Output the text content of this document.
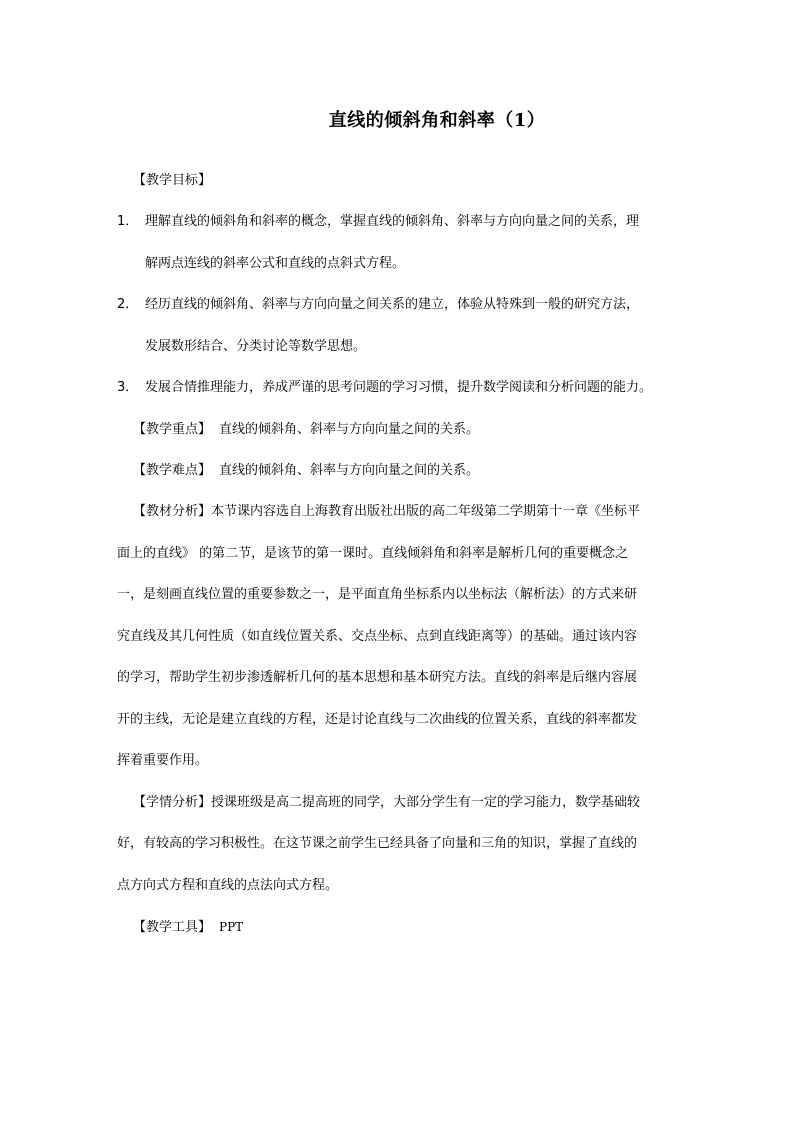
直线的倾斜角和斜率（1）
【教学目标】
1． 理解直线的倾斜角和斜率的概念，掌握直线的倾斜角、斜率与方向向量之间的关系，理
解两点连线的斜率公式和直线的点斜式方程。
2． 经历直线的倾斜角、斜率与方向向量之间关系的建立，体验从特殊到一般的研究方法，
发展数形结合、分类讨论等数学思想。
3． 发展合情推理能力，养成严谨的思考问题的学习习惯，提升数学阅读和分析问题的能力。
【教学重点】 直线的倾斜角、斜率与方向向量之间的关系。
【教学难点】 直线的倾斜角、斜率与方向向量之间的关系。
【教材分析】本节课内容选自上海教育出版社出版的高二年级第二学期第十一章《坐标平
面上的直线》 的第二节，是该节的第一课时。直线倾斜角和斜率是解析几何的重要概念之
一，是刻画直线位置的重要参数之一，是平面直角坐标系内以坐标法（解析法）的方式来研
究直线及其几何性质（如直线位置关系、交点坐标、点到直线距离等）的基础。通过该内容
的学习，帮助学生初步渗透解析几何的基本思想和基本研究方法。直线的斜率是后继内容展
开的主线，无论是建立直线的方程，还是讨论直线与二次曲线的位置关系，直线的斜率都发
挥着重要作用。
【学情分析】授课班级是高二提高班的同学，大部分学生有一定的学习能力，数学基础较
好，有较高的学习积极性。在这节课之前学生已经具备了向量和三角的知识，掌握了直线的
点方向式方程和直线的点法向式方程。
【教学工具】 PPT
